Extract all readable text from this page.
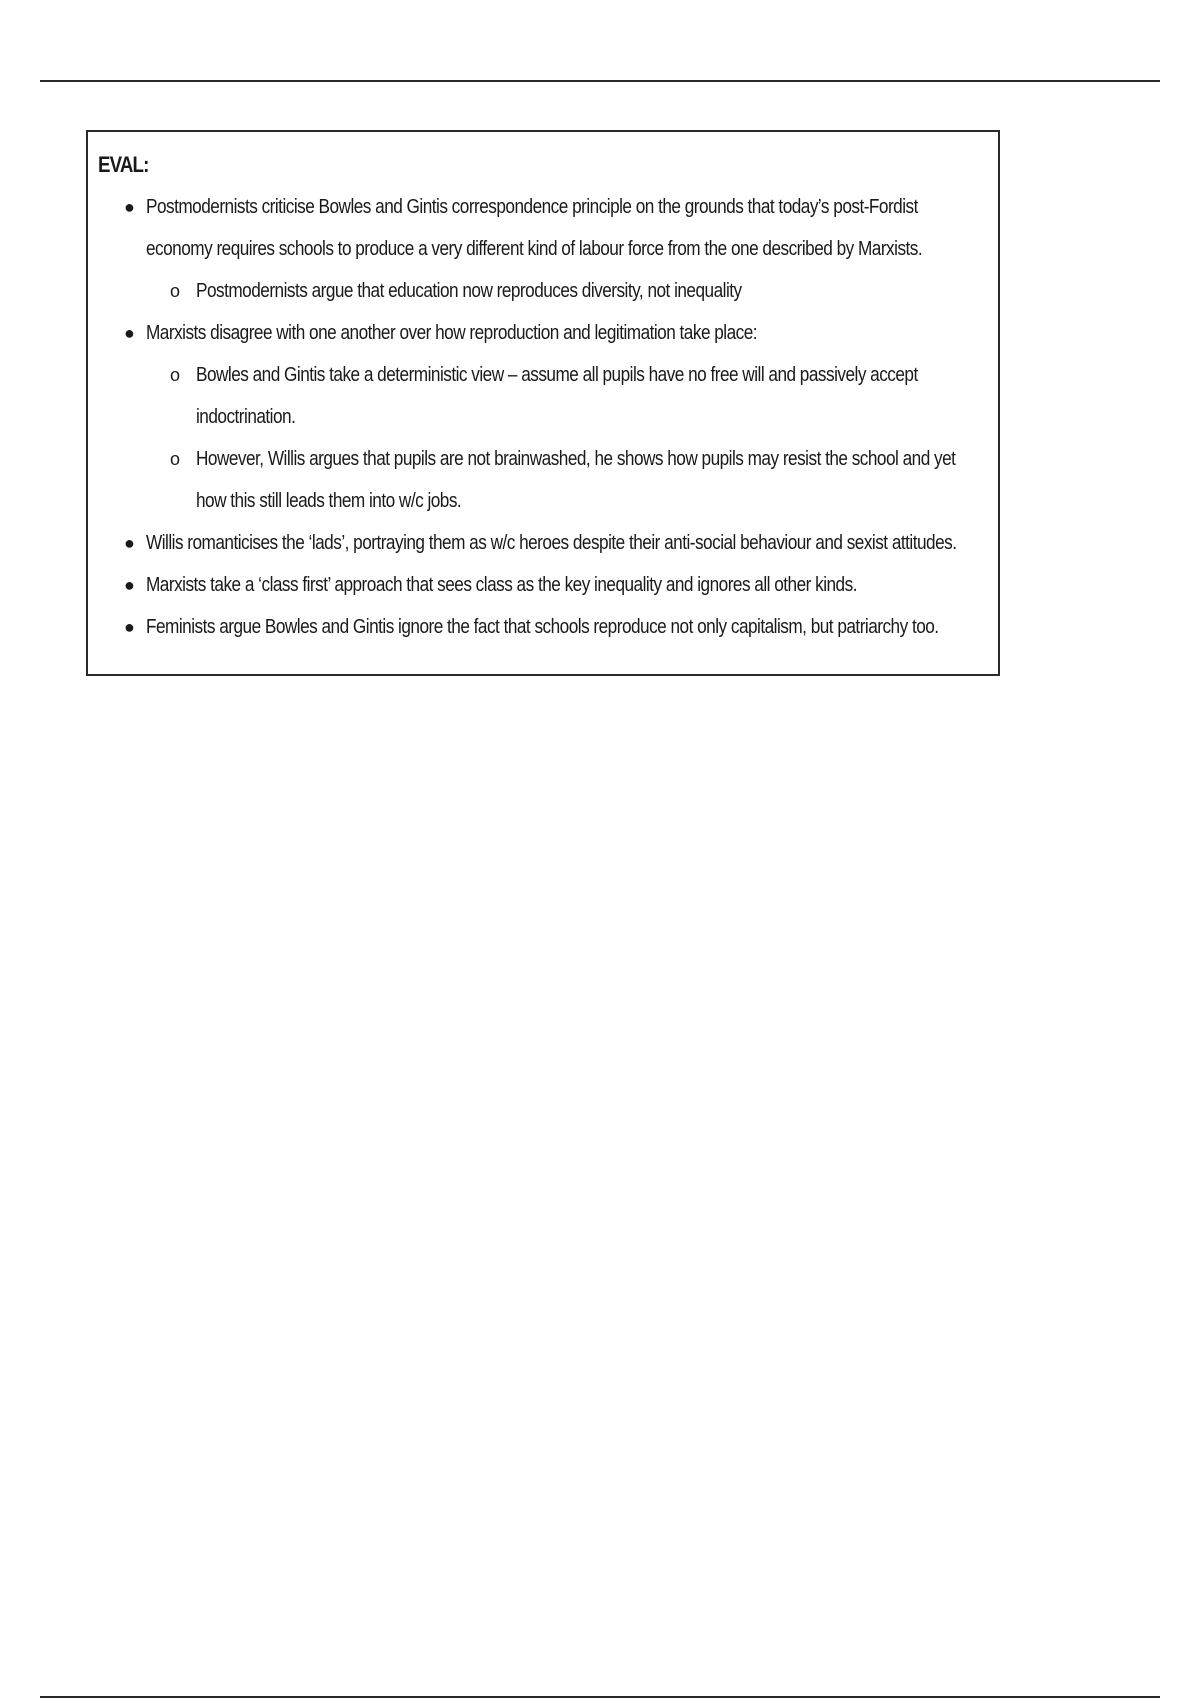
EVAL:
● Postmodernists criticise Bowles and Gintis correspondence principle on the grounds that today’s post-Fordist economy requires schools to produce a very different kind of labour force from the one described by Marxists.
o Postmodernists argue that education now reproduces diversity, not inequality
● Marxists disagree with one another over how reproduction and legitimation take place:
o Bowles and Gintis take a deterministic view – assume all pupils have no free will and passively accept indoctrination.
o However, Willis argues that pupils are not brainwashed, he shows how pupils may resist the school and yet how this still leads them into w/c jobs.
● Willis romanticises the ‘lads’, portraying them as w/c heroes despite their anti-social behaviour and sexist attitudes.
● Marxists take a ‘class first’ approach that sees class as the key inequality and ignores all other kinds.
● Feminists argue Bowles and Gintis ignore the fact that schools reproduce not only capitalism, but patriarchy too.
